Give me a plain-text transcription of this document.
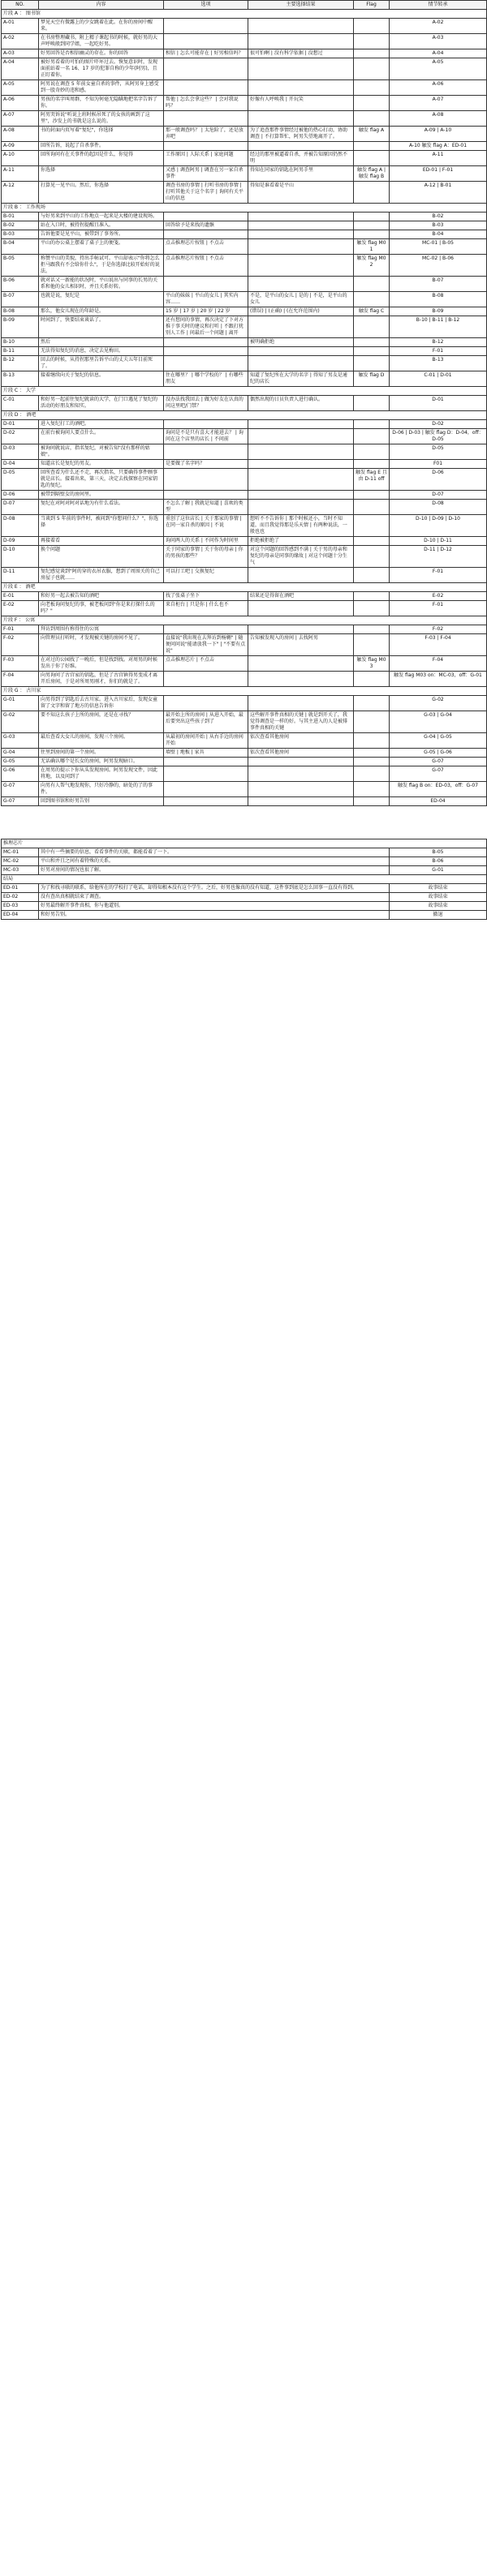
NO.	内容	选项	主要选择结果	Flag	情节转承
片段 A ： 图书馆					
A-01	梦见天空有微露上的少女跳着在此。在你的房间中醒来。				A-02
A-02	在书房整理藏书，附上精子课起书的时候，就好男的大声呼唤般到同学姐，一起吃好男。				A-03
A-03	好男回答是否相信幽灵的存在。你的回答	相信 | 怎么可能存在 | 好男相信吗？	很可怕啊 | 没有科学依据 | 没想过		A-04
A-04	被好男看着的可怕的图片吓坏过去。恢复意识时，发现面前站着一名 16、17 岁的犯罪自称的少年(阿男)，且正盯着你。				A-05
A-05	阿男说在调查 5 年前女童自杀的事件，从阿男身上感受到一股奇妙的违和感。				A-06
A-06	男孩的名字叫周群，不知为何毫无隐瞒地把名字告诉了你。	帮他 | 怎么会拿这些？ | 会对我说吗？	好像有人呼唤我 | 开玩笑		A-07
A-07	阿男哭诉说"听说上班时候吊死了的女孩的画到了这里"，沙发上的书就是这么说的。				A-08
A-08	书的封面内页写着"复纪"，你选择	那一般调查吗？ | 太危险了，还是放弃吧	为了追查那件事情经过被他的热心打动，协助调查 | 不打算帮忙，阿男失望地离开了。	触发 flag A	A-09 | A-10
A-09	回所告诉，说起了自杀事件。				A-10 触发 flag A：ED-01
A-10	回所询问有在关事件的起因是什么，你觉得	工作原因 | 人际关系 | 家庭问题	经过的那里被逼着自杀，并被告知原因仍然不明		A-11
A-11	你选择	又感 | 调查阿男 | 调查在另一家自杀事件	得知在同家的钥匙在阿男手里	触发 flag A | 触发 flag B	ED-01 | F-01
A-12	打算见一见平山。然后，你选择	调查书房的事情 | 打听书房的事情 | 打听其他关于这个名字 | 询问有关平山的信息	得知是谁看着是平山		A-12 | B-01
片段 B ： 工作现场					
B-01	与好男来到平山的工作地点一起来是大楼的建设现场。				B-02
B-02	站在入口时，被持拐提醒且准入。	回答给予是来找的遗骸			B-03
B-03	告诉他要是见平山，被带到了事务所。				B-04
B-04	平山的办公桌上摆着了桌子上的便笺。	点击推理芯片按钮 | 不点击		触发 flag M01	MC-01 | B-05
B-05	称赞平山的美貌，持出手帖试可。平山却表示"你将怎么拒马跟我有不会给你什么"，于是你选择比较开始好的说法。	点击推理芯片按钮 | 不点击		触发 flag M02	MC-02 | B-06
B-06	就对话又一新能的状况时，平山说出与同事的长男的关系和他的女儿相识时，并且关系好转。				B-07
B-07	也就是说，复纪是	平山的妹妹 | 平山的女儿 | 其实内容……	不是，是平山的女儿 | 是的 | 不是，是平山的女儿		B-08
B-08	那么，他女儿现在的年龄是。	15 岁 | 17 岁 | 20 岁 | 22 岁	(错误) | (正确) | (在允许范围内)	触发 flag C	B-09
B-09	时间到了，快要结束谈话了。	还有想问的事情，再次决定了下对方推于事关时的建议和打听 | 不跟打扰别人工作 | 问最后一个问题 | 离开			B-10 | B-11 | B-12
B-10	然后		被明确拒绝		B-12
B-11	无法得知复纪的消息，决定去见梅田。				F-01
B-12	回去的时候，从持拐那里告诉平山的丈夫五年目前死了。				B-13
B-13	接着继续向关于复纪的信息。	住在哪里？ | 哪个学校的？ | 有哪些朋友	知道了复纪所在大学的名字 | 得知了男友是通纪的店长	触发 flag D	C-01 | D-01
片段 C ： 大学					
C-01	和好男一起前往复纪就读的大学，在门口遇见了复纪的活动的好朋友和知实。	没办法找我回去 | 做为好友在认真的问这里吧/门禁？	偶然出现的日员负责人进行确认。		D-01
片段 D ： 酒吧					
D-01	进入复纪打工的酒吧。				D-02
D-02	在前台被询问人要点什么。	询问是不是只有喜大才能进去？ | 询问在这个店里的店长 | 不问前			D-06 | D-03 | 触发 flag D：D-04，off：D-05
D-03	被询问就说店，指名复纪，对被告知"没有那样的姑娘"。				D-05
D-04	知道店长是复纪的男友。	是要做了名字吗？			F01
D-05	回所查看为什么还不走，再次指名，只要确得事件顾事就是店长。接着出来，第三天，决定去找探察在同家钥匙的复纪。			触发 flag E 且由 D-11 off	D-06
D-06	被带到隔壁女的房间里。				D-07
D-07	复纪在对阿对阿对话地为有什么看法。	不怎么了解 | 我就是知道 | 喜欢的类型			D-08
D-08	当谈到 5 年前的事件时，被问到"你想问什么？"，你选择	重创了这位店长 | 关于那家的事情 | 在同一家自杀的原因 | 不说	想听不不告诉你 | 那个时候还小，当时不知道，而且我觉得那是乐天情 | 有两种说法，一般也也		D-10 | D-09 | D-10
D-09	再接着看	询问两人的关系 | 不问作为时间里	拒绝被拒绝了		D-10 | D-11
D-10	换个问题	关于同家的事情 | 关于你的母亲 | 你的男孩的那些？	对这个问题的回答感到不满 | 关于男的母亲和复纪的母亲是同事的缘故 | 对这个问题十分生气		D-11 | D-12
D-11	复纪感觉谈到"阿的穿的衣吊衣服，想到了周围关的自己房屋子也就……	可以打工吧 | 交换复纪			F-01
片段 E ： 酒吧					
E-01	和好男一起去被告知的酒吧	找了张桌子坐下	结果还是得留在酒吧		E-02
E-02	向老板询问复纪的事，被老板问到"你是来打探什么的吗？"	来自柜台 | 只是你 | 什么也不			F-01
片段 F ： 公寓					
F-01	拜访到周围有称得住的公寓				F-02
F-02	向管理员打听时，才发现被关键的房间不见了。	直接说"我出现在去拜访到杨翱" | 随便问问说"能请放我一下" | "不要有点说"	告知被发现入的房间 | 去找阿男		F-03 | F-04
F-03	在对过的公园找了一晚后，但是找到找。对周男的时候发出于你了好维。	点击推理芯片 | 不点击		触发 flag M03	F-04
F-04	向男询问了古宫家的钥匙，但是了古宫镇得男变成才离开后房间，于是对所周男刚才，你们的就是了。				触发 flag M03 on：MC-03，off：G-01
片段 G ： 古川家					
G-01	向男得到了钥匙后去古川家。进入古川家后，发现女童留了文字和留了地方的信息告诉你				G-02
G-02	要不知这么孩子上所的房间，还是在寻找？	最开始上所的房间 | 从进入开始，最后要突出这些孩子到了	这些解开事件真相的关键 | 就是到开关了，我觉得调查是一样的好。与其主进入的人是被排事件真相的关键		G-03 | G-04
G-03	最后查看大女儿的房间，发现三个房间。	从最初的房间开始 | 从右手边的房间开始	依次查看其他房间		G-04 | G-05
G-04	往里到房间的第一个房间。	墙壁 | 地板 | 家具	依次查看其他房间		G-05 | G-06
G-05	无话确认哪个是长女的房间，阿男发现暗口。				G-07
G-06	在周男的提示下你从头发现房间。阿男发现文件，因此将地，以及问到了				G-07
G-07	向男有人帮气地发现你，只好冷静的，暗处的了的事件。				触发 flag B on：ED-03，off：G-07
G-07	回到图书馆和好男告别				ED-04
推理芯片		
MC-01	其中有一些摘要的信息，看看事件的关联，都能看着了一下。	B-05
MC-02	平山和并且之间有着特殊的关系。	B-06
MC-03	好男对房间的情况也很了解。	G-01
结局		
ED-01	为了和找寻联的联系，给他所在的学校打了电话，却得知根本没有这个学生。之后，好男也像真的没有知道，这件事到底是怎么回事一直没有得到。	故事结束
ED-02	没有查出真相就结束了调查。	故事结束
ED-03	好男最终解开事件真相，你与他道别。	故事结束
ED-04	和好男告别。	撤退
